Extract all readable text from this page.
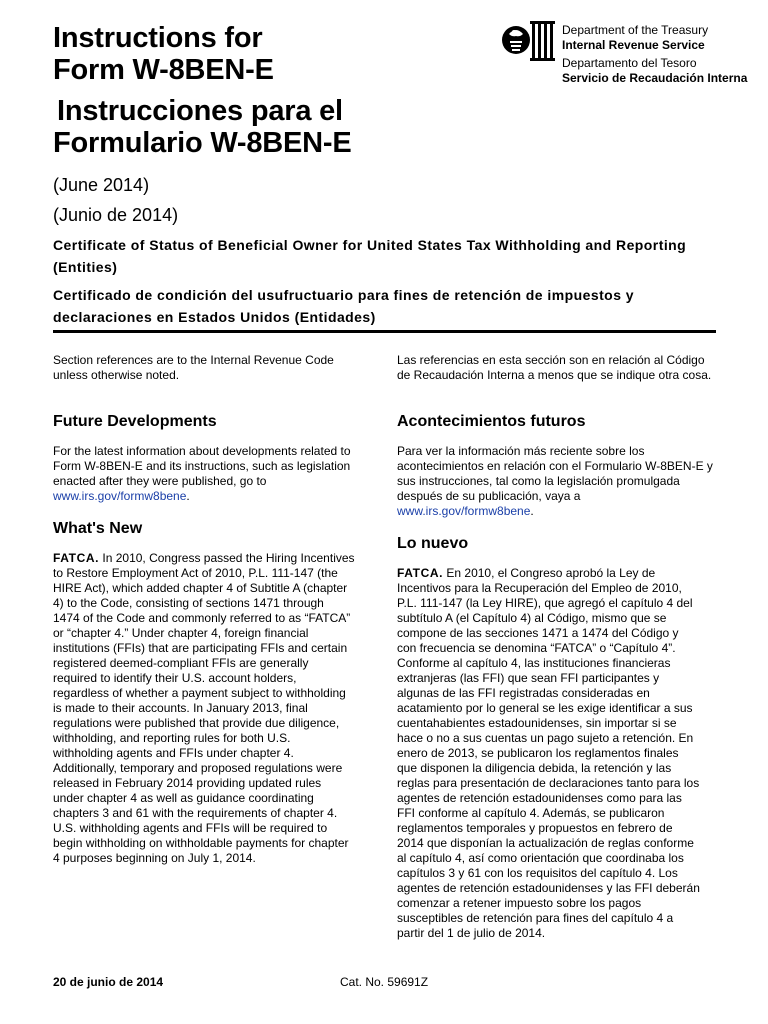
Instructions for
Form W-8BEN-E
Instrucciones para el
Formulario W-8BEN-E
(June 2014)
(Junio de 2014)

Certificate of Status of Beneficial Owner for United States Tax Withholding and Reporting (Entities)

Certificado de condición del usufructuario para fines de retención de impuestos y declaraciones en Estados Unidos (Entidades)

Department of the Treasury
Internal Revenue Service
Departamento del Tesoro
Servicio de Recaudación Interna

Section references are to the Internal Revenue Code unless otherwise noted.

Future Developments

For the latest information about developments related to Form W-8BEN-E and its instructions, such as legislation enacted after they were published, go to www.irs.gov/formw8bene.

What's New

FATCA. In 2010, Congress passed the Hiring Incentives
to Restore Employment Act of 2010, P.L. 111-147 (the
HIRE Act), which added chapter 4 of Subtitle A (chapter
4) to the Code, consisting of sections 1471 through
1474 of the Code and commonly referred to as “FATCA”
or “chapter 4.” Under chapter 4, foreign financial
institutions (FFIs) that are participating FFIs and certain
registered deemed-compliant FFIs are generally
required to identify their U.S. account holders,
regardless of whether a payment subject to withholding
is made to their accounts. In January 2013, final
regulations were published that provide due diligence,
withholding, and reporting rules for both U.S.
withholding agents and FFIs under chapter 4.
Additionally, temporary and proposed regulations were
released in February 2014 providing updated rules
under chapter 4 as well as guidance coordinating
chapters 3 and 61 with the requirements of chapter 4.
U.S. withholding agents and FFIs will be required to
begin withholding on withholdable payments for chapter
4 purposes beginning on July 1, 2014.

Las referencias en esta sección son en relación al Código de Recaudación Interna a menos que se indique otra cosa.

Acontecimientos futuros

Para ver la información más reciente sobre los acontecimientos en relación con el Formulario W-8BEN-E y sus instrucciones, tal como la legislación promulgada después de su publicación, vaya a www.irs.gov/formw8bene.

Lo nuevo

FATCA. En 2010, el Congreso aprobó la Ley de
Incentivos para la Recuperación del Empleo de 2010,
P.L. 111-147 (la Ley HIRE), que agregó el capítulo 4 del
subtítulo A (el Capítulo 4) al Código, mismo que se
compone de las secciones 1471 a 1474 del Código y
con frecuencia se denomina “FATCA” o “Capítulo 4”.
Conforme al capítulo 4, las instituciones financieras
extranjeras (las FFI) que sean FFI participantes y
algunas de las FFI registradas consideradas en
acatamiento por lo general se les exige identificar a sus
cuentahabientes estadounidenses, sin importar si se
hace o no a sus cuentas un pago sujeto a retención. En
enero de 2013, se publicaron los reglamentos finales
que disponen la diligencia debida, la retención y las
reglas para presentación de declaraciones tanto para los
agentes de retención estadounidenses como para las
FFI conforme al capítulo 4. Además, se publicaron
reglamentos temporales y propuestos en febrero de
2014 que disponían la actualización de reglas conforme
al capítulo 4, así como orientación que coordinaba los
capítulos 3 y 61 con los requisitos del capítulo 4. Los
agentes de retención estadounidenses y las FFI deberán
comenzar a retener impuesto sobre los pagos
susceptibles de retención para fines del capítulo 4 a
partir del 1 de julio de 2014.

20 de junio de 2014	Cat. No. 59691Z
